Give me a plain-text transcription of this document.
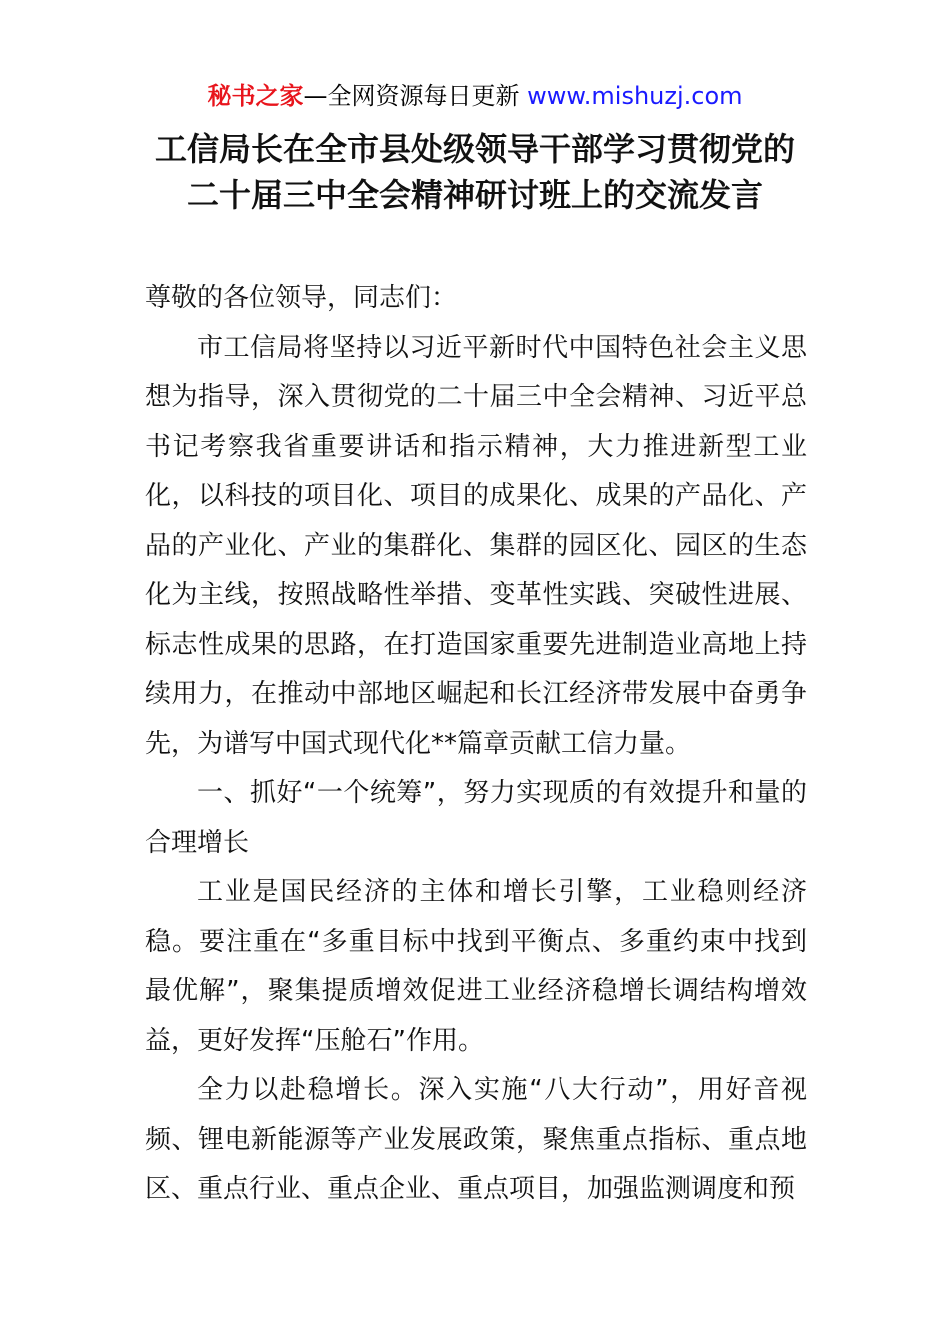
秘书之家—全网资源每日更新 www.mishuzj.com
工信局长在全市县处级领导干部学习贯彻党的
二十届三中全会精神研讨班上的交流发言

尊敬的各位领导，同志们：

市工信局将坚持以习近平新时代中国特色社会主义思想为指导，深入贯彻党的二十届三中全会精神、习近平总书记考察我省重要讲话和指示精神，大力推进新型工业化，以科技的项目化、项目的成果化、成果的产品化、产品的产业化、产业的集群化、集群的园区化、园区的生态化为主线，按照战略性举措、变革性实践、突破性进展、标志性成果的思路，在打造国家重要先进制造业高地上持续用力，在推动中部地区崛起和长江经济带发展中奋勇争先，为谱写中国式现代化**篇章贡献工信力量。

一、抓好“一个统筹”，努力实现质的有效提升和量的合理增长

工业是国民经济的主体和增长引擎，工业稳则经济稳。要注重在“多重目标中找到平衡点、多重约束中找到最优解”，聚集提质增效促进工业经济稳增长调结构增效益，更好发挥“压舱石”作用。

全力以赴稳增长。深入实施“八大行动”，用好音视频、锂电新能源等产业发展政策，聚焦重点指标、重点地区、重点行业、重点企业、重点项目，加强监测调度和预
